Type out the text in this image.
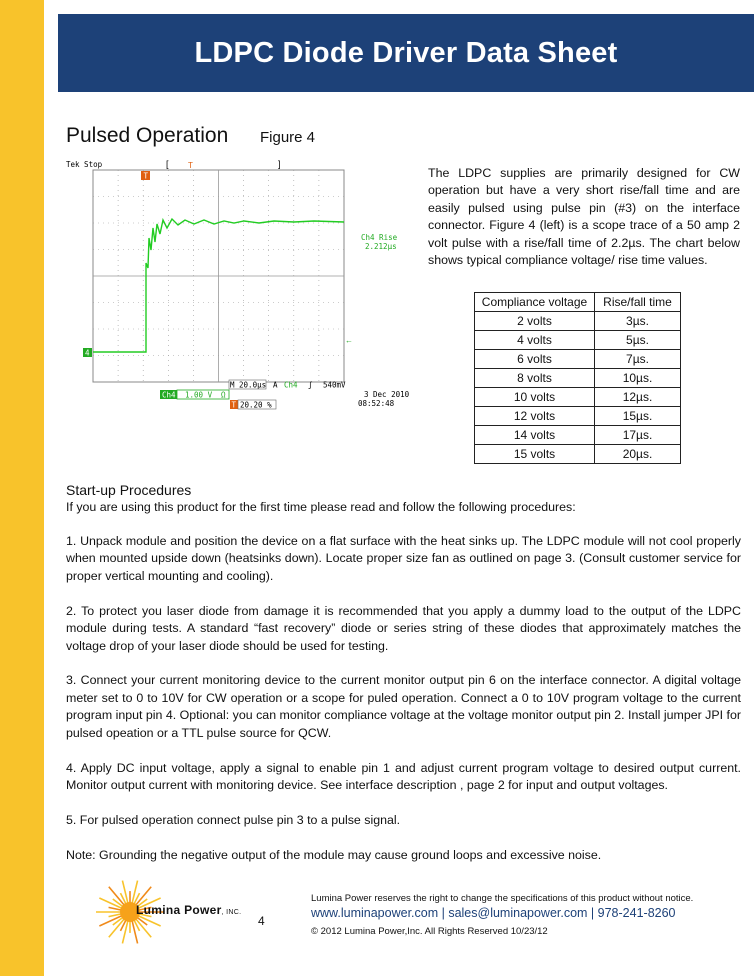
LDPC Diode Driver Data Sheet
Pulsed Operation Figure 4
Tek Stop	[	]
T
T
4
←
Ch4 Rise
2.212µs
M 20.0µs A Ch4 ʃ 540mV
Ch4 1.00 V Ω
T 20.20 %
3 Dec 2010
08:52:48

The LDPC supplies are primarily designed for CW operation but have a very short rise/fall time and are easily pulsed using pulse pin (#3) on the interface connector. Figure 4 (left) is a scope trace of a 50 amp 2 volt pulse with a rise/fall time of 2.2µs. The chart below shows typical compliance voltage/ rise time values.

Compliance voltage	Rise/fall time
2 volts	3µs.
4 volts	5µs.
6 volts	7µs.
8 volts	10µs.
10 volts	12µs.
12 volts	15µs.
14 volts	17µs.
15 volts	20µs.
Start-up Procedures
If you are using this product for the first time please read and follow the following procedures:

1. Unpack module and position the device on a flat surface with the heat sinks up. The LDPC module will not cool properly when mounted upside down (heatsinks down). Locate proper size fan as outlined on page 3. (Consult customer service for proper vertical mounting and cooling).

2. To protect you laser diode from damage it is recommended that you apply a dummy load to the output of the LDPC module during tests. A standard “fast recovery” diode or series string of these diodes that approximately matches the voltage drop of your laser diode should be used for testing.

3. Connect your current monitoring device to the current monitor output pin 6 on the interface connector. A digital voltage meter set to 0 to 10V for CW operation or a scope for puled operation. Connect a 0 to 10V program voltage to the current program input pin 4. Optional: you can monitor compliance voltage at the voltage monitor output pin 2. Install jumper JPI for pulsed opeation or a TTL pulse source for QCW.

4. Apply DC input voltage, apply a signal to enable pin 1 and adjust current program voltage to desired output current. Monitor output current with monitoring device. See interface description , page 2 for input and output voltages.

5. For pulsed operation connect pulse pin 3 to a pulse signal.

Note: Grounding the negative output of the module may cause ground loops and excessive noise.

Lumina Power, INC.
4
Lumina Power reserves the right to change the specifications of this product without notice.
www.luminapower.com | sales@luminapower.com | 978-241-8260
© 2012 Lumina Power,Inc. All Rights Reserved 10/23/12
